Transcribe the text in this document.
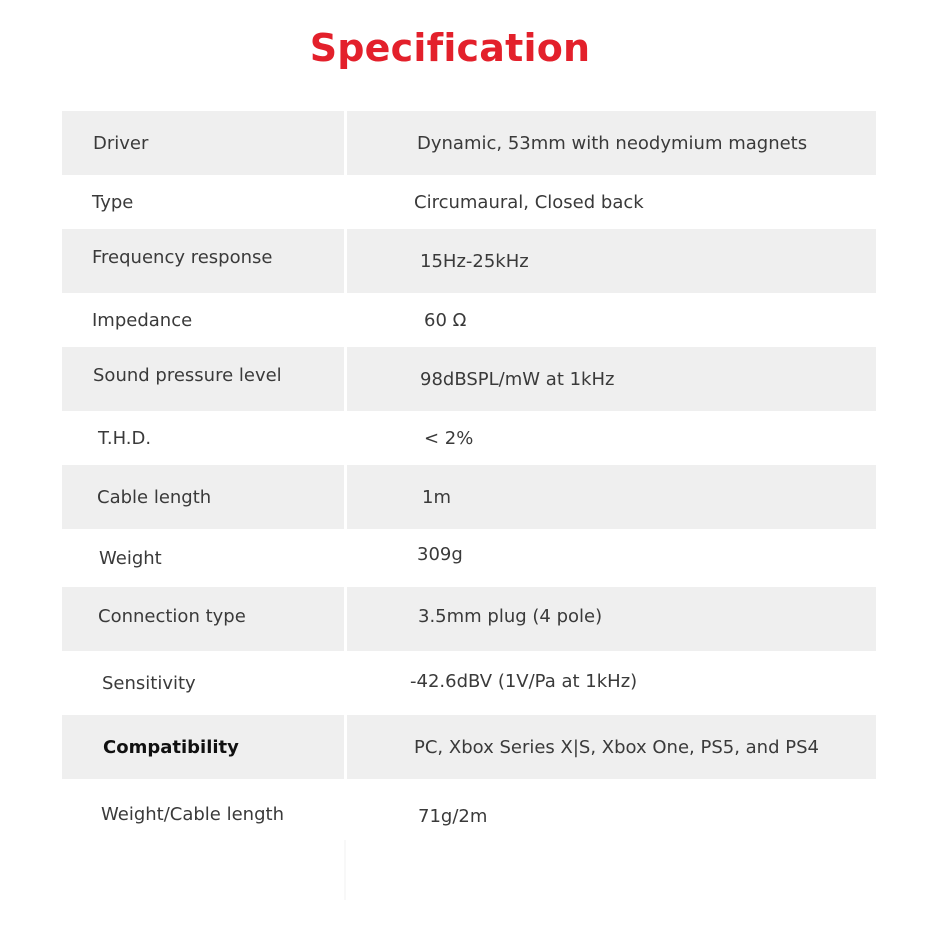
Specification
Driver	Dynamic, 53mm with neodymium magnets
Type	Circumaural, Closed back
Frequency response	15Hz-25kHz
Impedance	60 Ω
Sound pressure level	98dBSPL/mW at 1kHz
T.H.D.	< 2%
Cable length	1m
Weight	309g
Connection type	3.5mm plug (4 pole)
Sensitivity	-42.6dBV (1V/Pa at 1kHz)
Compatibility	PC, Xbox Series X|S, Xbox One, PS5, and PS4
Weight/Cable length	71g/2m
